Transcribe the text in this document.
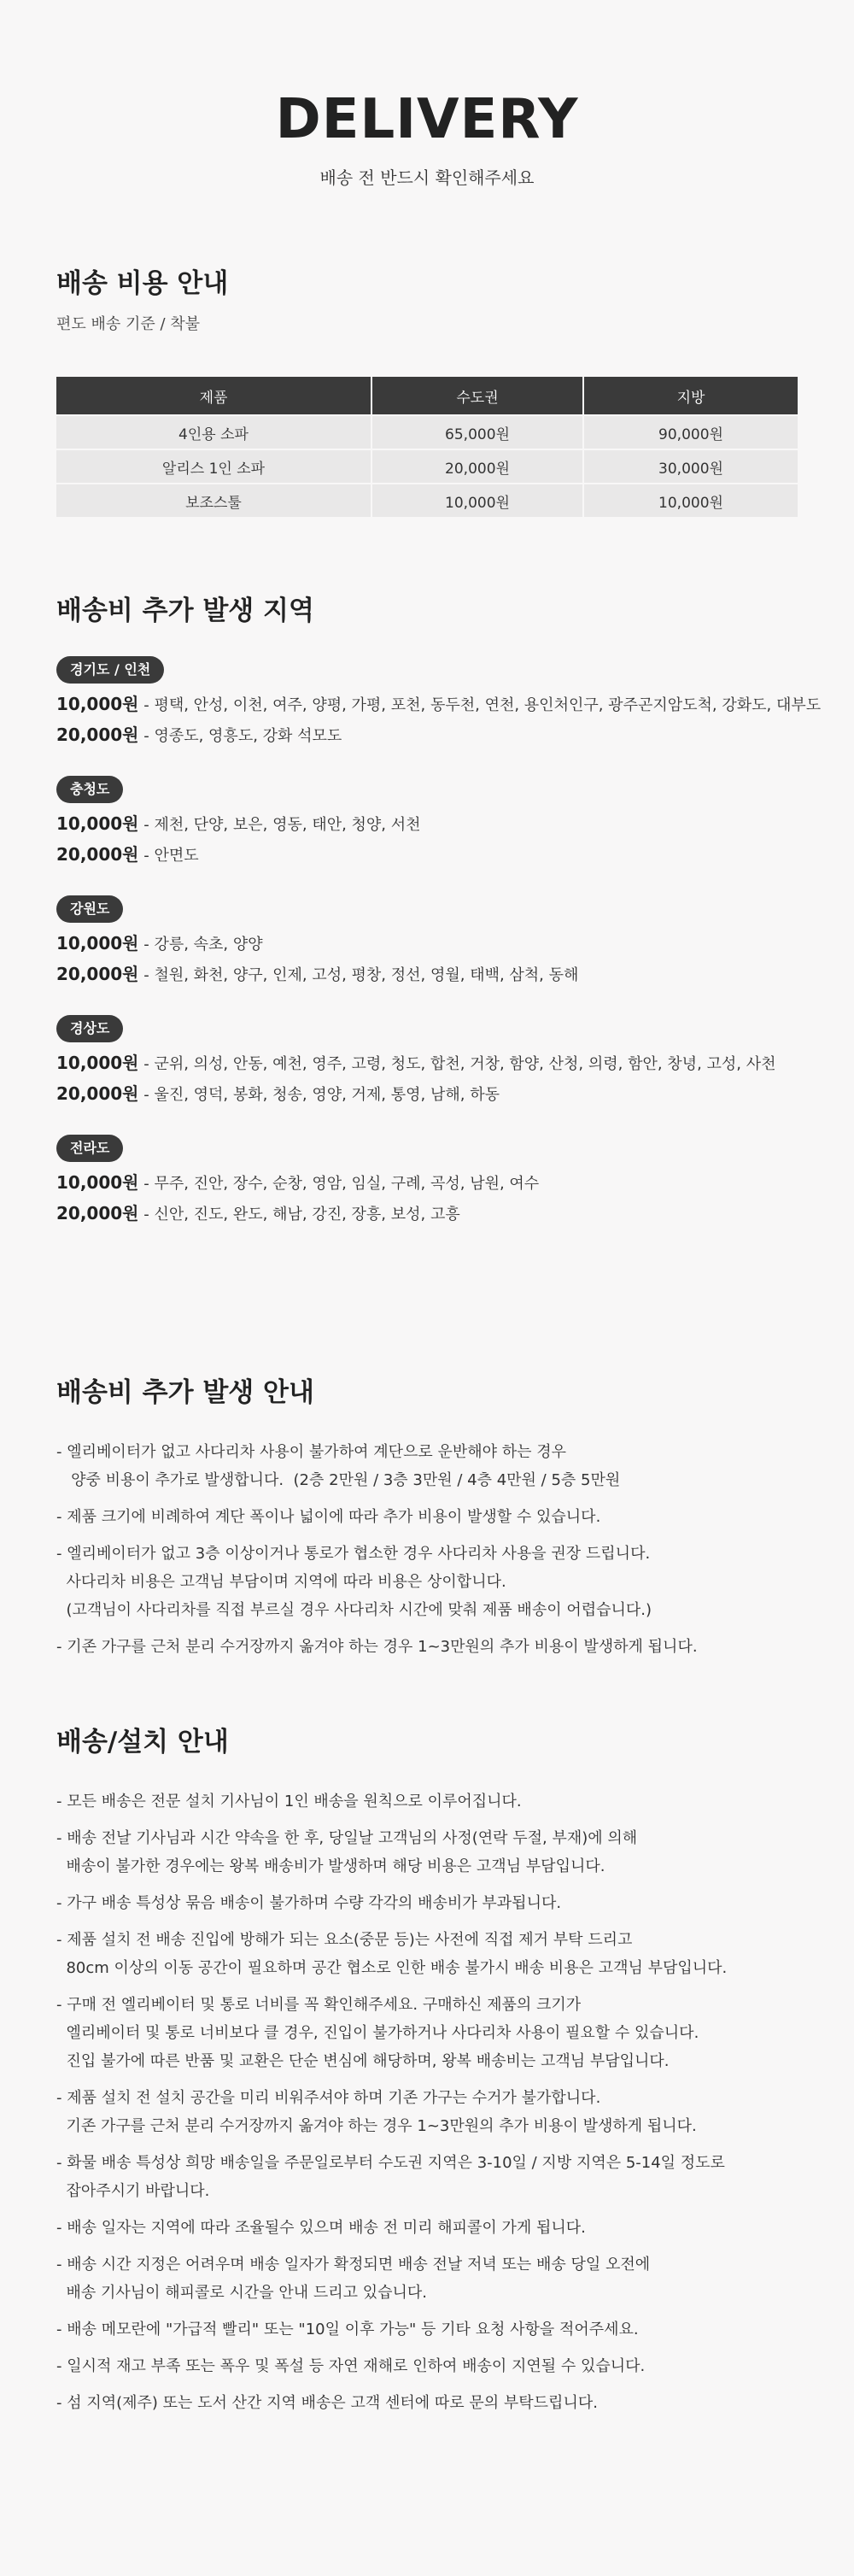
DELIVERY

배송 전 반드시 확인해주세요

배송 비용 안내

편도 배송 기준 / 착불

제품	수도권	지방
4인용 소파	65,000원	90,000원
알리스 1인 소파	20,000원	30,000원
보조스툴	10,000원	10,000원
배송비 추가 발생 지역
경기도 / 인천

10,000원 - 평택, 안성, 이천, 여주, 양평, 가평, 포천, 동두천, 연천, 용인처인구, 광주곤지암도척, 강화도, 대부도

20,000원 - 영종도, 영흥도, 강화 석모도

충청도

10,000원 - 제천, 단양, 보은, 영동, 태안, 청양, 서천

20,000원 - 안면도

강원도

10,000원 - 강릉, 속초, 양양

20,000원 - 철원, 화천, 양구, 인제, 고성, 평창, 정선, 영월, 태백, 삼척, 동해

경상도

10,000원 - 군위, 의성, 안동, 예천, 영주, 고령, 청도, 합천, 거창, 함양, 산청, 의령, 함안, 창녕, 고성, 사천

20,000원 - 울진, 영덕, 봉화, 청송, 영양, 거제, 통영, 남해, 하동

전라도

10,000원 - 무주, 진안, 장수, 순창, 영암, 임실, 구례, 곡성, 남원, 여수

20,000원 - 신안, 진도, 완도, 해남, 강진, 장흥, 보성, 고흥

배송비 추가 발생 안내

- 엘리베이터가 없고 사다리차 사용이 불가하여 계단으로 운반해야 하는 경우
양중 비용이 추가로 발생합니다.  (2층 2만원 / 3층 3만원 / 4층 4만원 / 5층 5만원

- 제품 크기에 비례하여 계단 폭이나 넓이에 따라 추가 비용이 발생할 수 있습니다.

- 엘리베이터가 없고 3층 이상이거나 통로가 협소한 경우 사다리차 사용을 권장 드립니다.
사다리차 비용은 고객님 부담이며 지역에 따라 비용은 상이합니다.
(고객님이 사다리차를 직접 부르실 경우 사다리차 시간에 맞춰 제품 배송이 어렵습니다.)

- 기존 가구를 근처 분리 수거장까지 옮겨야 하는 경우 1~3만원의 추가 비용이 발생하게 됩니다.

배송/설치 안내

- 모든 배송은 전문 설치 기사님이 1인 배송을 원칙으로 이루어집니다.

- 배송 전날 기사님과 시간 약속을 한 후, 당일날 고객님의 사정(연락 두절, 부재)에 의해
배송이 불가한 경우에는 왕복 배송비가 발생하며 해당 비용은 고객님 부담입니다.

- 가구 배송 특성상 묶음 배송이 불가하며 수량 각각의 배송비가 부과됩니다.

- 제품 설치 전 배송 진입에 방해가 되는 요소(중문 등)는 사전에 직접 제거 부탁 드리고
80cm 이상의 이동 공간이 필요하며 공간 협소로 인한 배송 불가시 배송 비용은 고객님 부담입니다.

- 구매 전 엘리베이터 및 통로 너비를 꼭 확인해주세요. 구매하신 제품의 크기가
엘리베이터 및 통로 너비보다 클 경우, 진입이 불가하거나 사다리차 사용이 필요할 수 있습니다.
진입 불가에 따른 반품 및 교환은 단순 변심에 해당하며, 왕복 배송비는 고객님 부담입니다.

- 제품 설치 전 설치 공간을 미리 비워주셔야 하며 기존 가구는 수거가 불가합니다.
기존 가구를 근처 분리 수거장까지 옮겨야 하는 경우 1~3만원의 추가 비용이 발생하게 됩니다.

- 화물 배송 특성상 희망 배송일을 주문일로부터 수도권 지역은 3-10일 / 지방 지역은 5-14일 정도로
잡아주시기 바랍니다.

- 배송 일자는 지역에 따라 조율될수 있으며 배송 전 미리 해피콜이 가게 됩니다.

- 배송 시간 지정은 어려우며 배송 일자가 확정되면 배송 전날 저녁 또는 배송 당일 오전에
배송 기사님이 해피콜로 시간을 안내 드리고 있습니다.

- 배송 메모란에 "가급적 빨리" 또는 "10일 이후 가능" 등 기타 요청 사항을 적어주세요.

- 일시적 재고 부족 또는 폭우 및 폭설 등 자연 재해로 인하여 배송이 지연될 수 있습니다.

- 섬 지역(제주) 또는 도서 산간 지역 배송은 고객 센터에 따로 문의 부탁드립니다.
